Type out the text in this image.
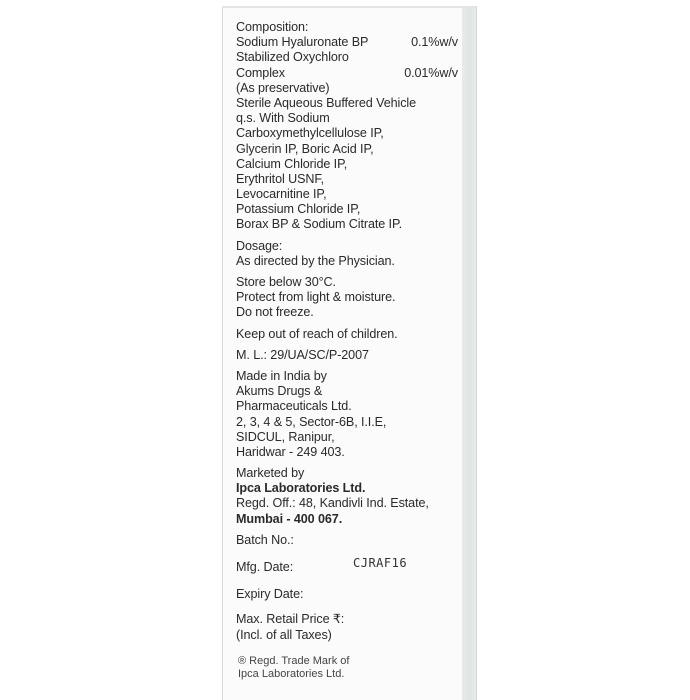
Composition:
Sodium Hyaluronate BP	0.1%w/v
Stabilized Oxychloro
Complex	0.01%w/v
(As preservative)
Sterile Aqueous Buffered Vehicle
q.s. With Sodium
Carboxymethylcellulose IP,
Glycerin IP, Boric Acid IP,
Calcium Chloride IP,
Erythritol USNF,
Levocarnitine IP,
Potassium Chloride IP,
Borax BP & Sodium Citrate IP.
Dosage:
As directed by the Physician.
Store below 30°C.
Protect from light & moisture.
Do not freeze.
Keep out of reach of children.
M. L.: 29/UA/SC/P-2007
Made in India by
Akums Drugs &
Pharmaceuticals Ltd.
2, 3, 4 & 5, Sector-6B, I.I.E,
SIDCUL, Ranipur,
Haridwar - 249 403.
Marketed by
Ipca Laboratories Ltd.
Regd. Off.: 48, Kandivli Ind. Estate,
Mumbai - 400 067.
Batch No.:
Mfg. Date:
Expiry Date:
Max. Retail Price ₹:
(Incl. of all Taxes)
CJRAF16
® Regd. Trade Mark of
Ipca Laboratories Ltd.
